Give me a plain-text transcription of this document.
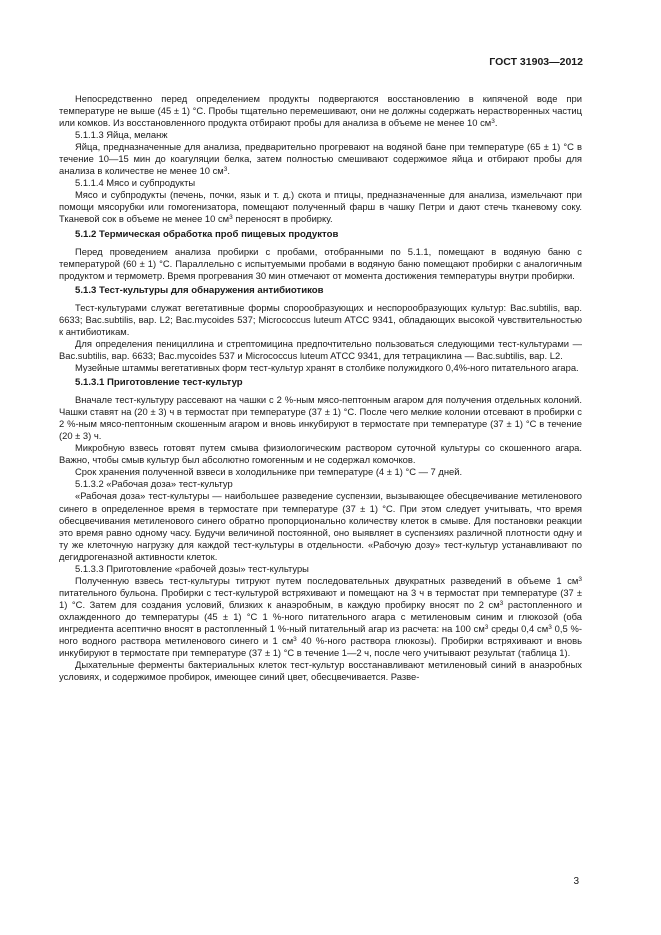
ГОСТ 31903—2012

Непосредственно перед определением продукты подвергаются восстановлению в кипяченой воде при температуре не выше (45 ± 1) °С. Пробы тщательно перемешивают, они не должны содержать нерастворенных частиц или комков. Из восстановленного продукта отбирают пробы для анализа в объеме не менее 10 $см^3$.

5.1.1.3 Яйца, меланж

Яйца, предназначенные для анализа, предварительно прогревают на водяной бане при температуре (65 ± 1) °С в течение 10—15 мин до коагуляции белка, затем полностью смешивают содержимое яйца и отбирают пробы для анализа в количестве не менее 10 $см^3$.

5.1.1.4 Мясо и субпродукты

Мясо и субпродукты (печень, почки, язык и т. д.) скота и птицы, предназначенные для анализа, измельчают при помощи мясорубки или гомогенизатора, помещают полученный фарш в чашку Петри и дают стечь тканевому соку. Тканевой сок в объеме не менее 10 $см^3$ переносят в пробирку.

5.1.2 Термическая обработка проб пищевых продуктов

Перед проведением анализа пробирки с пробами, отобранными по 5.1.1, помещают в водяную баню с температурой (60 ± 1) °С. Параллельно с испытуемыми пробами в водяную баню помещают пробирки с аналогичным продуктом и термометр. Время прогревания 30 мин отмечают от момента достижения температуры внутри пробирки.

5.1.3 Тест-культуры для обнаружения антибиотиков

Тест-культурами служат вегетативные формы спорообразующих и неспорообразующих культур: Bac.subtilis, вар. 6633; Bac.subtilis, вар. L2; Bac.mycoides 537; Micrococcus luteum ATCC 9341, обладающих высокой чувствительностью к антибиотикам.

Для определения пенициллина и стрептомицина предпочтительно пользоваться следующими тест-культурами — Bac.subtilis, вар. 6633; Bac.mycoides 537 и Micrococcus luteum ATCC 9341, для тетрациклина — Bac.subtilis, вар. L2.

Музейные штаммы вегетативных форм тест-культур хранят в столбике полужидкого 0,4%-ного питательного агара.

5.1.3.1 Приготовление тест-культур

Вначале тест-культуру рассевают на чашки с 2 %-ным мясо-пептонным агаром для получения отдельных колоний. Чашки ставят на (20 ± 3) ч в термостат при температуре (37 ± 1) °С. После чего мелкие колонии отсевают в пробирки с 2 %-ным мясо-пептонным скошенным агаром и вновь инкубируют в термостате при температуре (37 ± 1) °С в течение (20 ± 3) ч.

Микробную взвесь готовят путем смыва физиологическим раствором суточной культуры со скошенного агара. Важно, чтобы смыв культур был абсолютно гомогенным и не содержал комочков.

Срок хранения полученной взвеси в холодильнике при температуре (4 ± 1) °С — 7 дней.

5.1.3.2 «Рабочая доза» тест-культур

«Рабочая доза» тест-культуры — наибольшее разведение суспензии, вызывающее обесцвечивание метиленового синего в определенное время в термостате при температуре (37 ± 1) °С. При этом следует учитывать, что время обесцвечивания метиленового синего обратно пропорционально количеству клеток в смыве. Для постановки реакции это время равно одному часу. Будучи величиной постоянной, оно выявляет в суспензиях различной плотности одну и ту же клеточную нагрузку для каждой тест-культуры в отдельности. «Рабочую дозу» тест-культур устанавливают по дегидрогеназной активности клеток.

5.1.3.3 Приготовление «рабочей дозы» тест-культуры

Полученную взвесь тест-культуры титруют путем последовательных двукратных разведений в объеме 1 $см^3$ питательного бульона. Пробирки с тест-культурой встряхивают и помещают на 3 ч в термостат при температуре (37 ± 1) °С. Затем для создания условий, близких к анаэробным, в каждую пробирку вносят по 2 $см^3$ растопленного и охлажденного до температуры (45 ± 1) °С 1 %-ного питательного агара с метиленовым синим и глюкозой (оба ингредиента асептично вносят в растопленный 1 %-ный питательный агар из расчета: на 100 $см^3$ среды 0,4 $см^3$ 0,5 %-ного водного раствора метиленового синего и 1 $см^3$ 40 %-ного раствора глюкозы). Пробирки встряхивают и вновь инкубируют в термостате при температуре (37 ± 1) °С в течение 1—2 ч, после чего учитывают результат (таблица 1).

Дыхательные ферменты бактериальных клеток тест-культур восстанавливают метиленовый синий в анаэробных условиях, и содержимое пробирок, имеющее синий цвет, обесцвечивается. Разве-

3
